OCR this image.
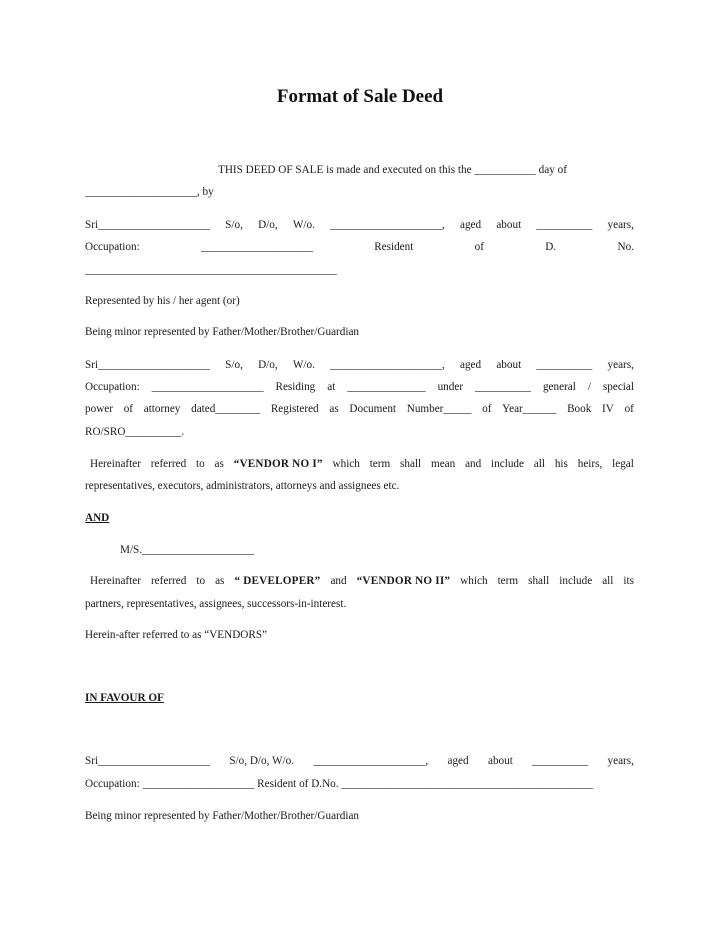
Format of Sale Deed
THIS DEED OF SALE is made and executed on this the ___________ day of
____________________, by
Sri____________________ S/o, D/o, W/o. ____________________, aged about __________ years,
Occupation:	____________________	Resident	of	D.	No.
_____________________________________________
Represented by his / her agent (or)
Being minor represented by Father/Mother/Brother/Guardian
Sri____________________ S/o, D/o, W/o. ____________________, aged about __________ years,
Occupation: ____________________ Residing at ______________ under __________ general / special
power of attorney dated________ Registered as Document Number_____ of Year______ Book IV of
RO/SRO__________.
Hereinafter referred to as “VENDOR NO I” which term shall mean and include all his heirs, legal
representatives, executors, administrators, attorneys and assignees etc.
AND
M/S.____________________
Hereinafter referred to as “ DEVELOPER” and “VENDOR NO II” which term shall include all its
partners, representatives, assignees, successors-in-interest.
Herein-after referred to as “VENDORS”
IN FAVOUR OF
Sri____________________ S/o, D/o, W/o. ____________________, aged about __________ years,
Occupation: ____________________ Resident of D.No. _____________________________________________
Being minor represented by Father/Mother/Brother/Guardian
